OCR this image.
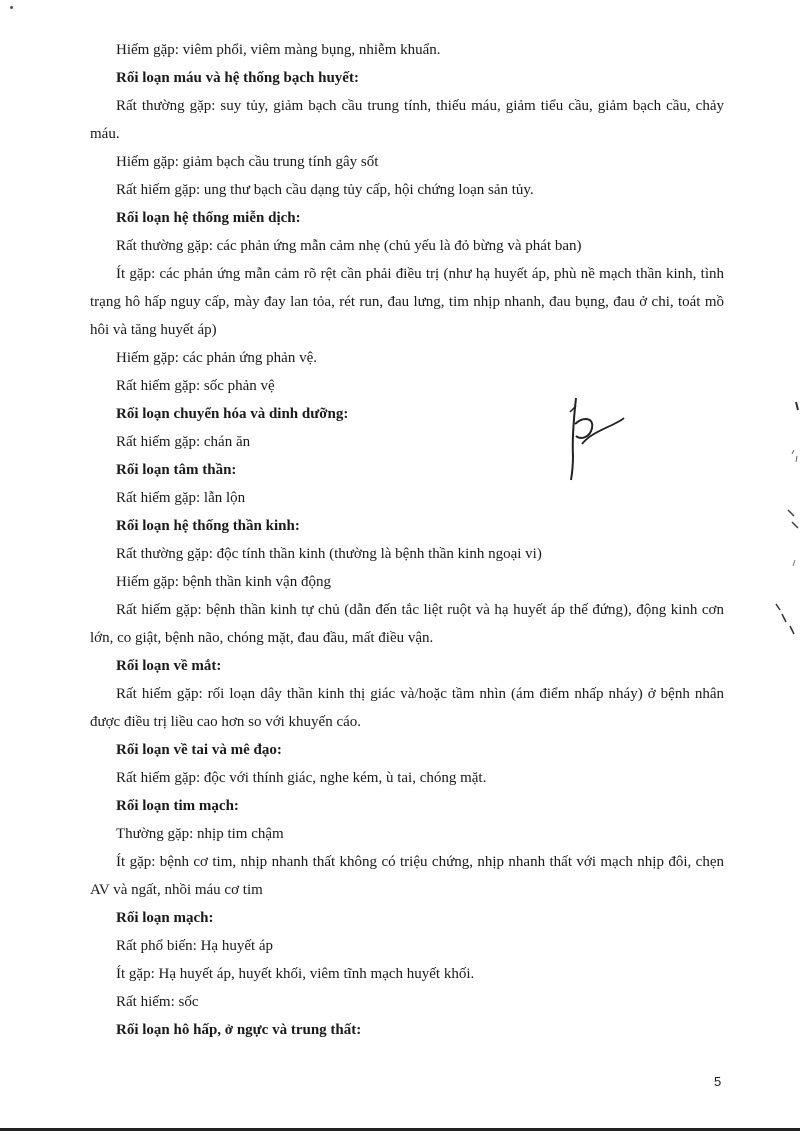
Hiếm gặp: viêm phổi, viêm màng bụng, nhiễm khuẩn.

Rối loạn máu và hệ thống bạch huyết:

Rất thường gặp: suy tủy, giảm bạch cầu trung tính, thiếu máu, giảm tiểu cầu, giảm bạch cầu, chảy máu.

Hiếm gặp: giảm bạch cầu trung tính gây sốt

Rất hiếm gặp: ung thư bạch cầu dạng tủy cấp, hội chứng loạn sản tủy.

Rối loạn hệ thống miễn dịch:

Rất thường gặp: các phản ứng mẫn cảm nhẹ (chủ yếu là đỏ bừng và phát ban)

Ít gặp: các phản ứng mẫn cảm rõ rệt cần phải điều trị (như hạ huyết áp, phù nề mạch thần kinh, tình trạng hô hấp nguy cấp, mày đay lan tỏa, rét run, đau lưng, tim nhịp nhanh, đau bụng, đau ở chi, toát mồ hôi và tăng huyết áp)

Hiếm gặp: các phản ứng phản vệ.

Rất hiếm gặp: sốc phản vệ

Rối loạn chuyển hóa và dinh dưỡng:

Rất hiếm gặp: chán ăn

Rối loạn tâm thần:

Rất hiếm gặp: lẫn lộn

Rối loạn hệ thống thần kinh:

Rất thường gặp: độc tính thần kinh (thường là bệnh thần kinh ngoại vi)

Hiếm gặp: bệnh thần kinh vận động

Rất hiếm gặp: bệnh thần kinh tự chủ (dẫn đến tắc liệt ruột và hạ huyết áp thế đứng), động kinh cơn lớn, co giật, bệnh não, chóng mặt, đau đầu, mất điều vận.

Rối loạn về mắt:

Rất hiếm gặp: rối loạn dây thần kinh thị giác và/hoặc tầm nhìn (ám điểm nhấp nháy) ở bệnh nhân được điều trị liều cao hơn so với khuyến cáo.

Rối loạn về tai và mê đạo:

Rất hiếm gặp: độc với thính giác, nghe kém, ù tai, chóng mặt.

Rối loạn tim mạch:

Thường gặp: nhịp tim chậm

Ít gặp: bệnh cơ tim, nhịp nhanh thất không có triệu chứng, nhịp nhanh thất với mạch nhịp đôi, chẹn AV và ngất, nhồi máu cơ tim

Rối loạn mạch:

Rất phổ biến: Hạ huyết áp

Ít gặp: Hạ huyết áp, huyết khối, viêm tĩnh mạch huyết khối.

Rất hiếm: sốc

Rối loạn hô hấp, ở ngực và trung thất:

5
